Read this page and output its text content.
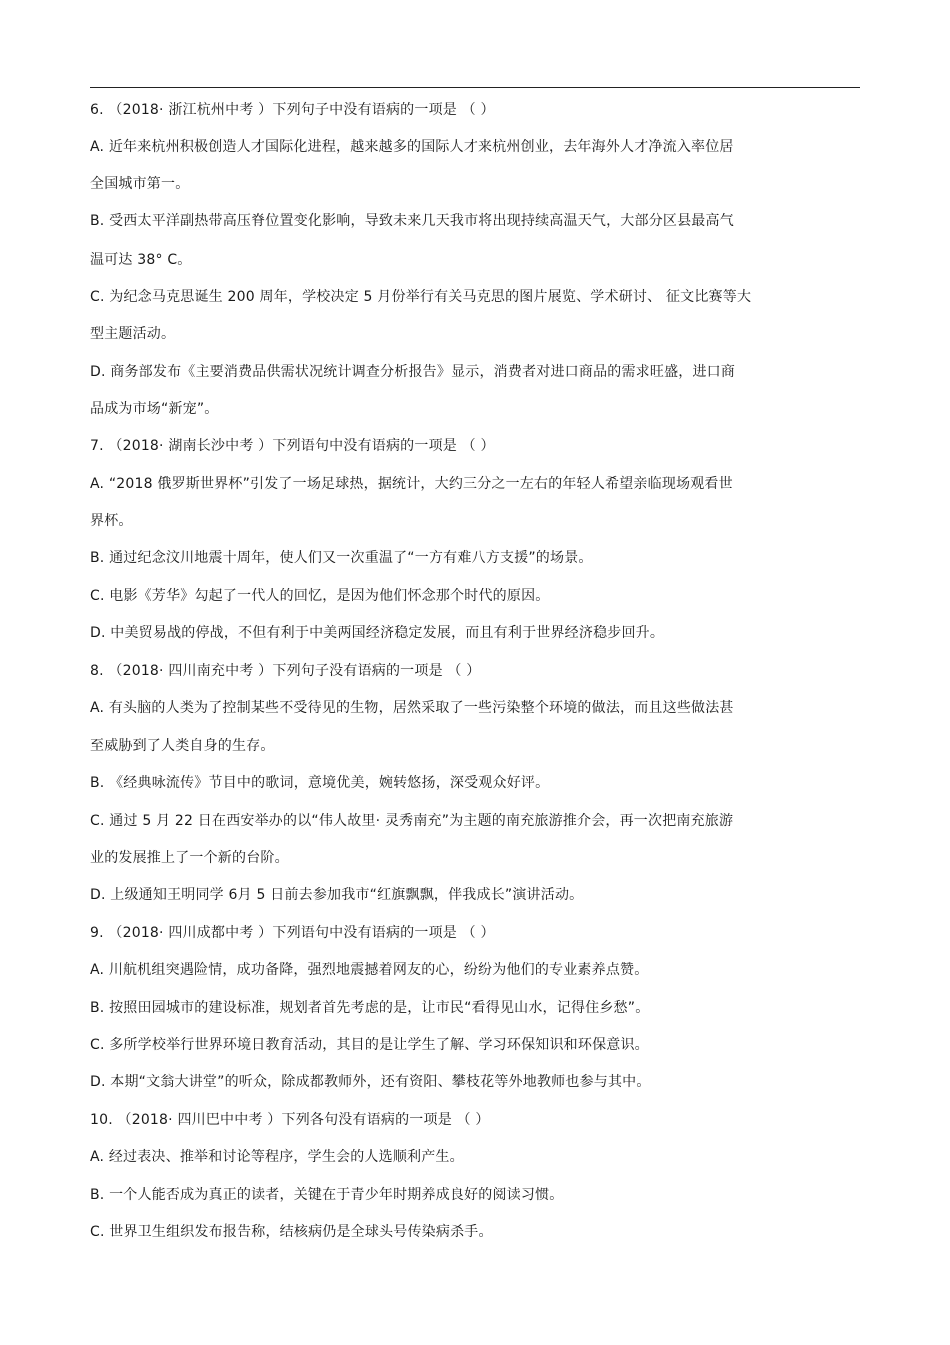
6. （2018· 浙江杭州中考 ）下列句子中没有语病的一项是 （ ）
A. 近年来杭州积极创造人才国际化进程，越来越多的国际人才来杭州创业，去年海外人才净流入率位居
全国城市第一。
B. 受西太平洋副热带高压脊位置变化影响，导致未来几天我市将出现持续高温天气，大部分区县最高气
温可达 38° C。
C. 为纪念马克思诞生 200 周年，学校决定 5 月份举行有关马克思的图片展览、学术研讨、 征文比赛等大
型主题活动。
D. 商务部发布《主要消费品供需状况统计调查分析报告》显示，消费者对进口商品的需求旺盛，进口商
品成为市场“新宠”。
7. （2018· 湖南长沙中考 ）下列语句中没有语病的一项是 （ ）
A. “2018 俄罗斯世界杯”引发了一场足球热，据统计，大约三分之一左右的年轻人希望亲临现场观看世
界杯。
B. 通过纪念汶川地震十周年，使人们又一次重温了“一方有难八方支援”的场景。
C. 电影《芳华》勾起了一代人的回忆，是因为他们怀念那个时代的原因。
D. 中美贸易战的停战，不但有利于中美两国经济稳定发展，而且有利于世界经济稳步回升。
8. （2018· 四川南充中考 ）下列句子没有语病的一项是 （ ）
A. 有头脑的人类为了控制某些不受待见的生物，居然采取了一些污染整个环境的做法，而且这些做法甚
至威胁到了人类自身的生存。
B. 《经典咏流传》节目中的歌词，意境优美，婉转悠扬，深受观众好评。
C. 通过 5 月 22 日在西安举办的以“伟人故里· 灵秀南充”为主题的南充旅游推介会，再一次把南充旅游
业的发展推上了一个新的台阶。
D. 上级通知王明同学 6月 5 日前去参加我市“红旗飘飘，伴我成长”演讲活动。
9. （2018· 四川成都中考 ）下列语句中没有语病的一项是 （ ）
A. 川航机组突遇险情，成功备降，强烈地震撼着网友的心，纷纷为他们的专业素养点赞。
B. 按照田园城市的建设标准，规划者首先考虑的是，让市民“看得见山水，记得住乡愁”。
C. 多所学校举行世界环境日教育活动，其目的是让学生了解、学习环保知识和环保意识。
D. 本期“文翁大讲堂”的听众，除成都教师外，还有资阳、攀枝花等外地教师也参与其中。
10. （2018· 四川巴中中考 ）下列各句没有语病的一项是 （ ）
A. 经过表决、推举和讨论等程序，学生会的人选顺利产生。
B. 一个人能否成为真正的读者，关键在于青少年时期养成良好的阅读习惯。
C. 世界卫生组织发布报告称，结核病仍是全球头号传染病杀手。
